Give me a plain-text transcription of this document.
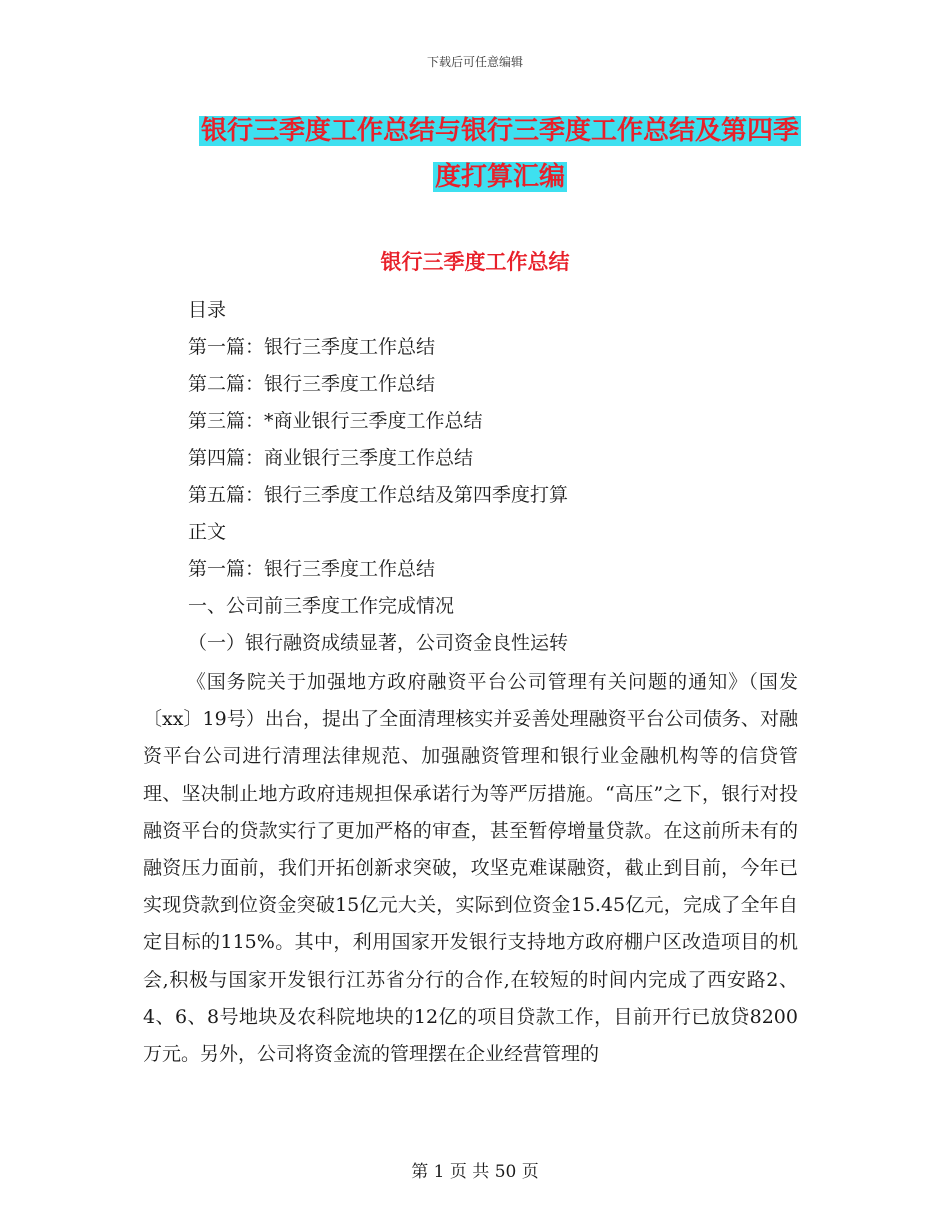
下载后可任意编辑
银行三季度工作总结与银行三季度工作总结及第四季
度打算汇编
银行三季度工作总结
目录
第一篇：银行三季度工作总结
第二篇：银行三季度工作总结
第三篇：*商业银行三季度工作总结
第四篇：商业银行三季度工作总结
第五篇：银行三季度工作总结及第四季度打算
正文
第一篇：银行三季度工作总结
一、公司前三季度工作完成情况
（一）银行融资成绩显著，公司资金良性运转
《国务院关于加强地方政府融资平台公司管理有关问题的通知》（国发〔xx〕19号）出台，提出了全面清理核实并妥善处理融资平台公司债务、对融资平台公司进行清理法律规范、加强融资管理和银行业金融机构等的信贷管理、坚决制止地方政府违规担保承诺行为等严厉措施。“高压”之下，银行对投融资平台的贷款实行了更加严格的审查，甚至暂停增量贷款。在这前所未有的融资压力面前，我们开拓创新求突破，攻坚克难谋融资，截止到目前，今年已实现贷款到位资金突破15亿元大关，实际到位资金15.45亿元，完成了全年自定目标的115%。其中，利用国家开发银行支持地方政府棚户区改造项目的机会,积极与国家开发银行江苏省分行的合作,在较短的时间内完成了西安路2、4、6、8号地块及农科院地块的12亿的项目贷款工作，目前开行已放贷8200万元。另外，公司将资金流的管理摆在企业经营管理的
第 1 页 共 50 页
